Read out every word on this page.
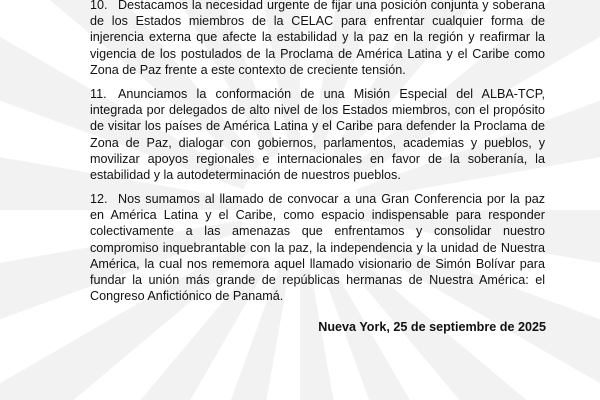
10. Destacamos la necesidad urgente de fijar una posición conjunta y soberana de los Estados miembros de la CELAC para enfrentar cualquier forma de injerencia externa que afecte la estabilidad y la paz en la región y reafirmar la vigencia de los postulados de la Proclama de América Latina y el Caribe como Zona de Paz frente a este contexto de creciente tensión.
11. Anunciamos la conformación de una Misión Especial del ALBA-TCP, integrada por delegados de alto nivel de los Estados miembros, con el propósito de visitar los países de América Latina y el Caribe para defender la Proclama de Zona de Paz, dialogar con gobiernos, parlamentos, academias y pueblos, y movilizar apoyos regionales e internacionales en favor de la soberanía, la estabilidad y la autodeterminación de nuestros pueblos.
12. Nos sumamos al llamado de convocar a una Gran Conferencia por la paz en América Latina y el Caribe, como espacio indispensable para responder colectivamente a las amenazas que enfrentamos y consolidar nuestro compromiso inquebrantable con la paz, la independencia y la unidad de Nuestra América, la cual nos rememora aquel llamado visionario de Simón Bolívar para fundar la unión más grande de repúblicas hermanas de Nuestra América: el Congreso Anfictiónico de Panamá.
Nueva York, 25 de septiembre de 2025
